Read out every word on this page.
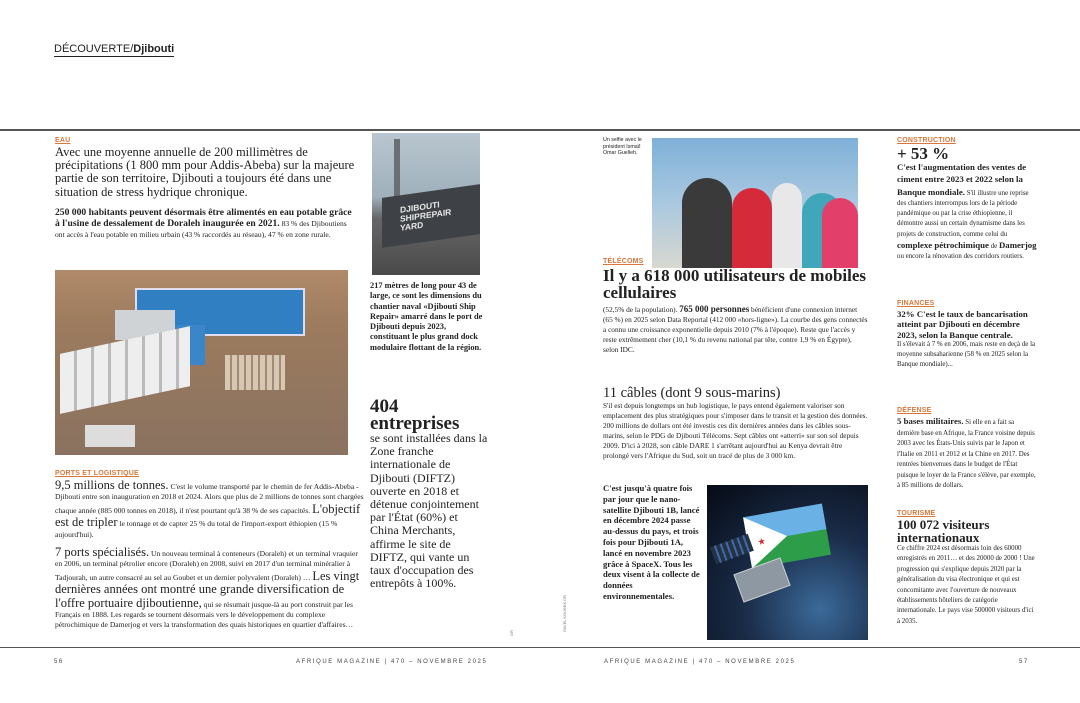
DÉCOUVERTE/Djibouti
EAU

Avec une moyenne annuelle de 200 millimètres de précipitations (1 800 mm pour Addis-Abeba) sur la majeure partie de son territoire, Djibouti a toujours été dans une situation de stress hydrique chronique.

250 000 habitants peuvent désormais être alimentés en eau potable grâce à l'usine de dessalement de Doraleh inaugurée en 2021. 83 % des Djiboutiens ont accès à l'eau potable en milieu urbain (43 % raccordés au réseau), 47 % en zone rurale.

PORTS ET LOGISTIQUE

9,5 millions de tonnes. C'est le volume transporté par le chemin de fer Addis-Abeba - Djibouti entre son inauguration en 2018 et 2024. Alors que plus de 2 millions de tonnes sont chargées chaque année (885 000 tonnes en 2018), il n'est pourtant qu'à 38 % de ses capacités. L'objectif est de tripler le tonnage et de capter 25 % du total de l'import-export éthiopien (15 % aujourd'hui).

7 ports spécialisés. Un nouveau terminal à conteneurs (Doraleh) et un terminal vraquier en 2006, un terminal pétrolier encore (Doraleh) en 2008, suivi en 2017 d'un terminal minéralier à Tadjourah, un autre consacré au sel au Goubet et un dernier polyvalent (Doraleh) … Les vingt dernières années ont montré une grande diversification de l'offre portuaire djiboutienne, qui se résumait jusque-là au port construit par les Français en 1888. Les regards se tournent désormais vers le développement du complexe pétrochimique de Damerjog et vers la transformation des quais historiques en quartier d'affaires…

DJIBOUTI SHIPREPAIR YARD

217 mètres de long pour 43 de large, ce sont les dimensions du chantier naval «Djibouti Ship Repair» amarré dans le port de Djibouti depuis 2023, constituant le plus grand dock modulaire flottant de la région.

404 entreprises

se sont installées dans la Zone franche internationale de Djibouti (DIFTZ) ouverte en 2018 et détenue conjointement par l'État (60%) et China Merchants, affirme le site de DIFTZ, qui vante un taux d'occupation des entrepôts à 100%.

DR

Un selfie avec le président Ismaïl Omar Guelleh.

TÉLÉCOMS

Il y a 618 000 utilisateurs de mobiles cellulaires

(52,5% de la population). 765 000 personnes bénéficient d'une connexion internet (65 %) en 2025 selon Data Reportal (412 000 «hors-ligne»). La courbe des gens connectés a connu une croissance exponentielle depuis 2010 (7% à l'époque). Reste que l'accès y reste extrêmement cher (10,1 % du revenu national par tête, contre 1,9 % en Égypte), selon IDC.

11 câbles (dont 9 sous-marins)

S'il est depuis longtemps un hub logistique, le pays entend également valoriser son emplacement des plus stratégiques pour s'imposer dans le transit et la gestion des données. 200 millions de dollars ont été investis ces dix dernières années dans les câbles sous-marins, selon le PDG de Djibouti Télécoms. Sept câbles ont «atterri» sur son sol depuis 2009. D'ici à 2028, son câble DARE 1 s'arrêtant aujourd'hui au Kenya devrait être prolongé vers l'Afrique du Sud, soit un tracé de plus de 3 000 km.

C'est jusqu'à quatre fois par jour que le nano-satellite Djibouti 1B, lancé en décembre 2024 passe au-dessus du pays, et trois fois pour Djibouti 1A, lancé en novembre 2023 grâce à SpaceX. Tous les deux visent à la collecte de données environnementales.

PAVEL KOUBEK DR
★
CONSTRUCTION

+ 53 %

C'est l'augmentation des ventes de ciment entre 2023 et 2022 selon la Banque mondiale. S'il illustre une reprise des chantiers interrompus lors de la période pandémique ou par la crise éthiopienne, il démontre aussi un certain dynamisme dans les projets de construction, comme celui du complexe pétrochimique de Damerjog ou encore la rénovation des corridors routiers.

FINANCES

32% C'est le taux de bancarisation atteint par Djibouti en décembre 2023, selon la Banque centrale.

Il s'élevait à 7 % en 2006, mais reste en deçà de la moyenne subsaharienne (58 % en 2025 selon la Banque mondiale)...

DÉFENSE

5 bases militaires. Si elle en a fait sa dernière base en Afrique, la France voisine depuis 2003 avec les États-Unis suivis par le Japon et l'Italie en 2011 et 2012 et la Chine en 2017. Des rentrées bienvenues dans le budget de l'État puisque le loyer de la France s'élève, par exemple, à 85 millions de dollars.

TOURISME

100 072 visiteurs internationaux

Ce chiffre 2024 est désormais loin des 60000 enregistrés en 2011… et des 20000 de 2000 ! Une progression qui s'explique depuis 2020 par la généralisation du visa électronique et qui est concomitante avec l'ouverture de nouveaux établissements hôteliers de catégorie internationale. Le pays vise 500000 visiteurs d'ici à 2035.

56	AFRIQUE MAGAZINE | 470 – NOVEMBRE 2025	AFRIQUE MAGAZINE | 470 – NOVEMBRE 2025	57
